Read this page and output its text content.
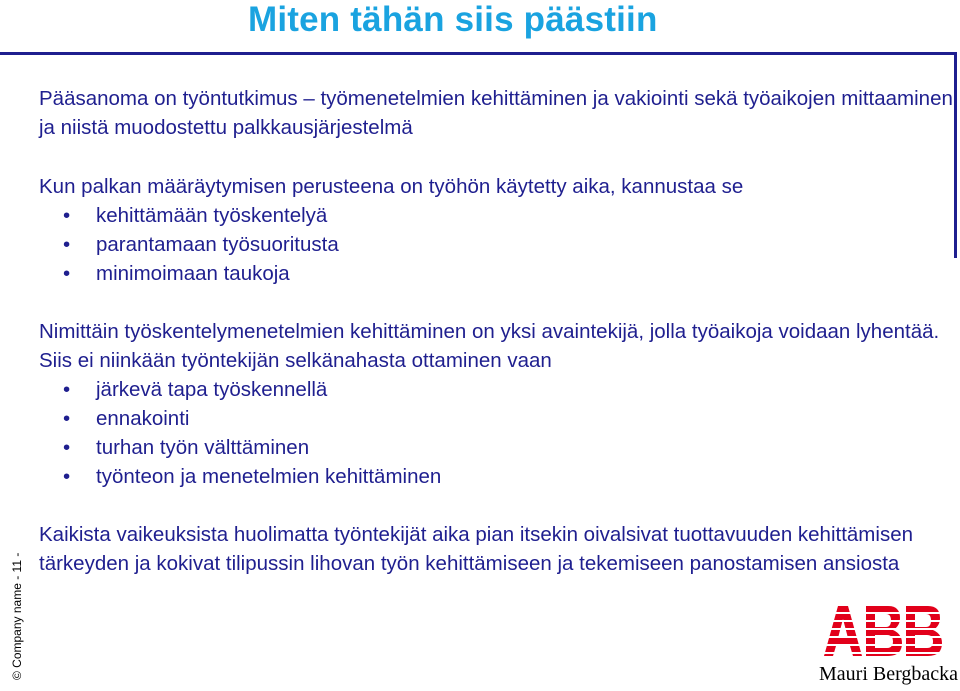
Miten tähän siis päästiin

Pääsanoma on työntutkimus – työmenetelmien kehittäminen ja vakiointi sekä työaikojen mittaaminen ja niistä muodostettu palkkausjärjestelmä

Kun palkan määräytymisen perusteena on työhön käytetty aika, kannustaa se

• kehittämään työskentelyä
• parantamaan työsuoritusta
• minimoimaan taukoja

Nimittäin työskentelymenetelmien kehittäminen on yksi avaintekijä, jolla työaikoja voidaan lyhentää. Siis ei niinkään työntekijän selkänahasta ottaminen vaan

• järkevä tapa työskennellä
• ennakointi
• turhan työn välttäminen
• työnteon ja menetelmien kehittäminen

Kaikista vaikeuksista huolimatta työntekijät aika pian itsekin oivalsivat tuottavuuden kehittämisen tärkeyden ja kokivat tilipussin lihovan työn kehittämiseen ja tekemiseen panostamisen ansiosta

© Company name - 11 -	Mauri Bergbacka
